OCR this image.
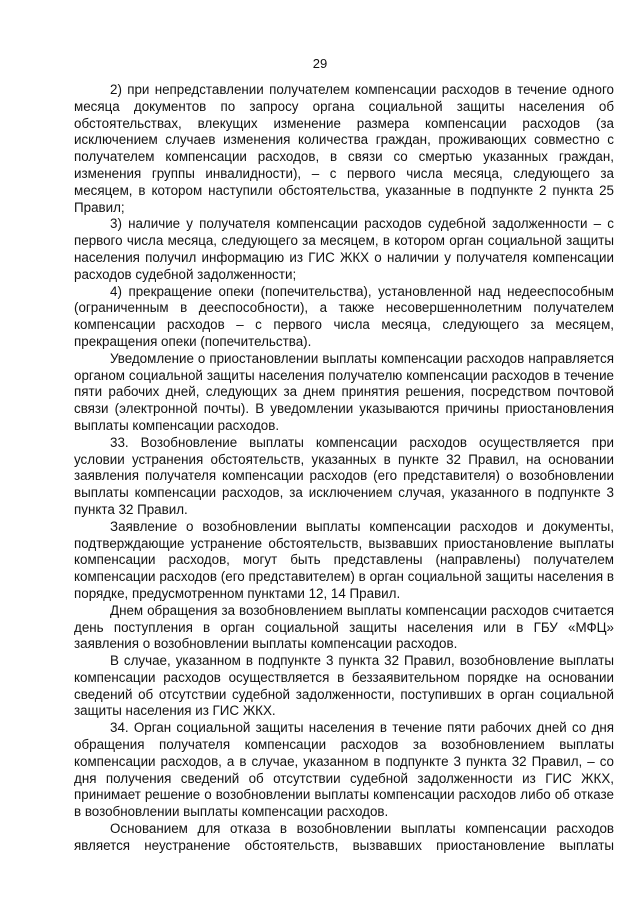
29

2) при непредставлении получателем компенсации расходов в течение одного месяца документов по запросу органа социальной защиты населения об обстоятельствах, влекущих изменение размера компенсации расходов (за исключением случаев изменения количества граждан, проживающих совместно с получателем компенсации расходов, в связи со смертью указанных граждан, изменения группы инвалидности), – с первого числа месяца, следующего за месяцем, в котором наступили обстоятельства, указанные в подпункте 2 пункта 25 Правил;

3) наличие у получателя компенсации расходов судебной задолженности – с первого числа месяца, следующего за месяцем, в котором орган социальной защиты населения получил информацию из ГИС ЖКХ о наличии у получателя компенсации расходов судебной задолженности;

4) прекращение опеки (попечительства), установленной над недееспособным (ограниченным в дееспособности), а также несовершеннолетним получателем компенсации расходов – с первого числа месяца, следующего за месяцем, прекращения опеки (попечительства).

Уведомление о приостановлении выплаты компенсации расходов направляется органом социальной защиты населения получателю компенсации расходов в течение пяти рабочих дней, следующих за днем принятия решения, посредством почтовой связи (электронной почты). В уведомлении указываются причины приостановления выплаты компенсации расходов.

33. Возобновление выплаты компенсации расходов осуществляется при условии устранения обстоятельств, указанных в пункте 32 Правил, на основании заявления получателя компенсации расходов (его представителя) о возобновлении выплаты компенсации расходов, за исключением случая, указанного в подпункте 3 пункта 32 Правил.

Заявление о возобновлении выплаты компенсации расходов и документы, подтверждающие устранение обстоятельств, вызвавших приостановление выплаты компенсации расходов, могут быть представлены (направлены) получателем компенсации расходов (его представителем) в орган социальной защиты населения в порядке, предусмотренном пунктами 12, 14 Правил.

Днем обращения за возобновлением выплаты компенсации расходов считается день поступления в орган социальной защиты населения или в ГБУ «МФЦ» заявления о возобновлении выплаты компенсации расходов.

В случае, указанном в подпункте 3 пункта 32 Правил, возобновление выплаты компенсации расходов осуществляется в беззаявительном порядке на основании сведений об отсутствии судебной задолженности, поступивших в орган социальной защиты населения из ГИС ЖКХ.

34. Орган социальной защиты населения в течение пяти рабочих дней со дня обращения получателя компенсации расходов за возобновлением выплаты компенсации расходов, а в случае, указанном в подпункте 3 пункта 32 Правил, – со дня получения сведений об отсутствии судебной задолженности из ГИС ЖКХ, принимает решение о возобновлении выплаты компенсации расходов либо об отказе в возобновлении выплаты компенсации расходов.

Основанием для отказа в возобновлении выплаты компенсации расходов является неустранение обстоятельств, вызвавших приостановление выплаты
